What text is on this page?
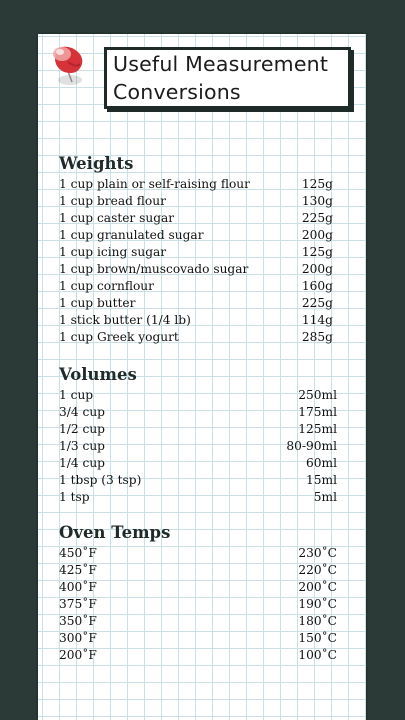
Useful Measurement
Conversions
Weights
1 cup plain or self-raising flour	125g
1 cup bread flour	130g
1 cup caster sugar	225g
1 cup granulated sugar	200g
1 cup icing sugar	125g
1 cup brown/muscovado sugar	200g
1 cup cornflour	160g
1 cup butter	225g
1 stick butter (1/4 lb)	114g
1 cup Greek yogurt	285g
Volumes
1 cup	250ml
3/4 cup	175ml
1/2 cup	125ml
1/3 cup	80-90ml
1/4 cup	60ml
1 tbsp (3 tsp)	15ml
1 tsp	5ml
Oven Temps
450˚F	230˚C
425˚F	220˚C
400˚F	200˚C
375˚F	190˚C
350˚F	180˚C
300˚F	150˚C
200˚F	100˚C
